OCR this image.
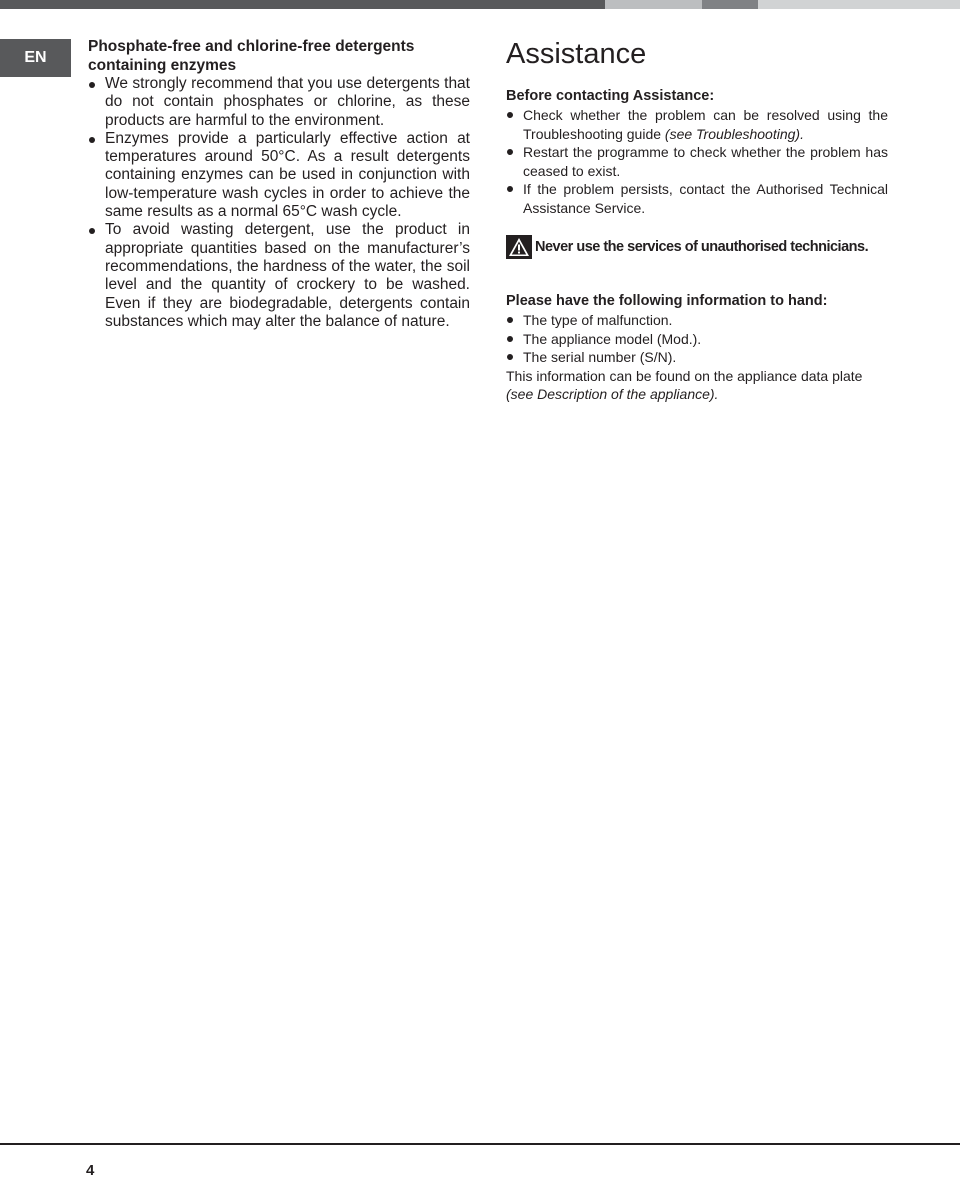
EN
Phosphate-free and chlorine-free detergents containing enzymes
We strongly recommend that you use detergents that do not contain phosphates or chlorine, as these products are harmful to the environment.
Enzymes provide a particularly effective action at temperatures around 50°C. As a result detergents containing enzymes can be used in conjunction with low-temperature wash cycles in order to achieve the same results as a normal 65°C wash cycle.
To avoid wasting detergent, use the product in appropriate quantities based on the manufacturer’s recommendations, the hardness of the water, the soil level and the quantity of crockery to be washed. Even if they are biodegradable, detergents contain substances which may alter the balance of nature.
Assistance
Before contacting Assistance:
Check whether the problem can be resolved using the Troubleshooting guide (see Troubleshooting).
Restart the programme to check whether the problem has ceased to exist.
If the problem persists, contact the Authorised Technical Assistance Service.
Never use the services of unauthorised technicians.
Please have the following information to hand:
The type of malfunction.
The appliance model (Mod.).
The serial number (S/N).

This information can be found on the appliance data plate

(see Description of the appliance).

4
